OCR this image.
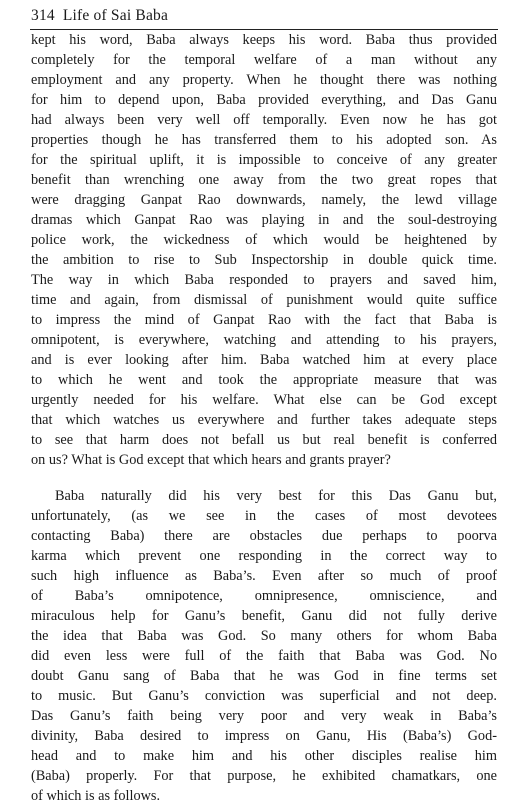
314 Life of Sai Baba
kept his word, Baba always keeps his word. Baba thus provided
completely for the temporal welfare of a man without any
employment and any property. When he thought there was nothing
for him to depend upon, Baba provided everything, and Das Ganu
had always been very well off temporally. Even now he has got
properties though he has transferred them to his adopted son. As
for the spiritual uplift, it is impossible to conceive of any greater
benefit than wrenching one away from the two great ropes that
were dragging Ganpat Rao downwards, namely, the lewd village
dramas which Ganpat Rao was playing in and the soul-destroying
police work, the wickedness of which would be heightened by
the ambition to rise to Sub Inspectorship in double quick time.
The way in which Baba responded to prayers and saved him,
time and again, from dismissal of punishment would quite suffice
to impress the mind of Ganpat Rao with the fact that Baba is
omnipotent, is everywhere, watching and attending to his prayers,
and is ever looking after him. Baba watched him at every place
to which he went and took the appropriate measure that was
urgently needed for his welfare. What else can be God except
that which watches us everywhere and further takes adequate steps
to see that harm does not befall us but real benefit is conferred
on us? What is God except that which hears and grants prayer?
Baba naturally did his very best for this Das Ganu but,
unfortunately, (as we see in the cases of most devotees
contacting Baba) there are obstacles due perhaps to poorva
karma which prevent one responding in the correct way to
such high influence as Baba’s. Even after so much of proof
of Baba’s omnipotence, omnipresence, omniscience, and
miraculous help for Ganu’s benefit, Ganu did not fully derive
the idea that Baba was God. So many others for whom Baba
did even less were full of the faith that Baba was God. No
doubt Ganu sang of Baba that he was God in fine terms set
to music. But Ganu’s conviction was superficial and not deep.
Das Ganu’s faith being very poor and very weak in Baba’s
divinity, Baba desired to impress on Ganu, His (Baba’s) God-
head and to make him and his other disciples realise him
(Baba) properly. For that purpose, he exhibited chamatkars, one
of which is as follows.
